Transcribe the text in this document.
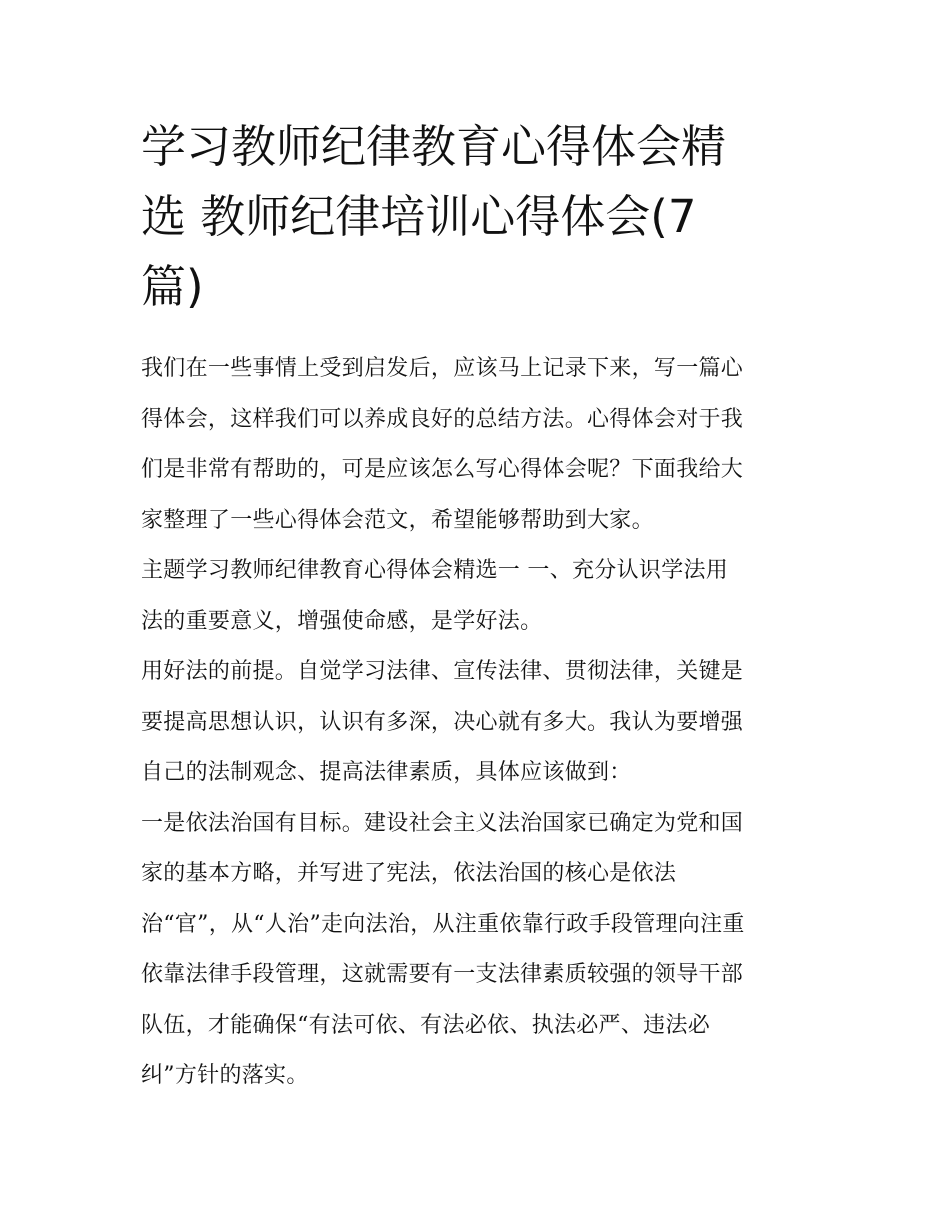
学习教师纪律教育心得体会精
选 教师纪律培训心得体会(7
篇)
我们在一些事情上受到启发后，应该马上记录下来，写一篇心
得体会，这样我们可以养成良好的总结方法。心得体会对于我
们是非常有帮助的，可是应该怎么写心得体会呢？下面我给大
家整理了一些心得体会范文，希望能够帮助到大家。
主题学习教师纪律教育心得体会精选一 一、充分认识学法用
法的重要意义，增强使命感，是学好法。
用好法的前提。自觉学习法律、宣传法律、贯彻法律，关键是
要提高思想认识，认识有多深，决心就有多大。我认为要增强
自己的法制观念、提高法律素质，具体应该做到：
一是依法治国有目标。建设社会主义法治国家已确定为党和国
家的基本方略，并写进了宪法，依法治国的核心是依法
治“官”，从“人治”走向法治，从注重依靠行政手段管理向注重
依靠法律手段管理，这就需要有一支法律素质较强的领导干部
队伍，才能确保“有法可依、有法必依、执法必严、违法必
纠”方针的落实。
